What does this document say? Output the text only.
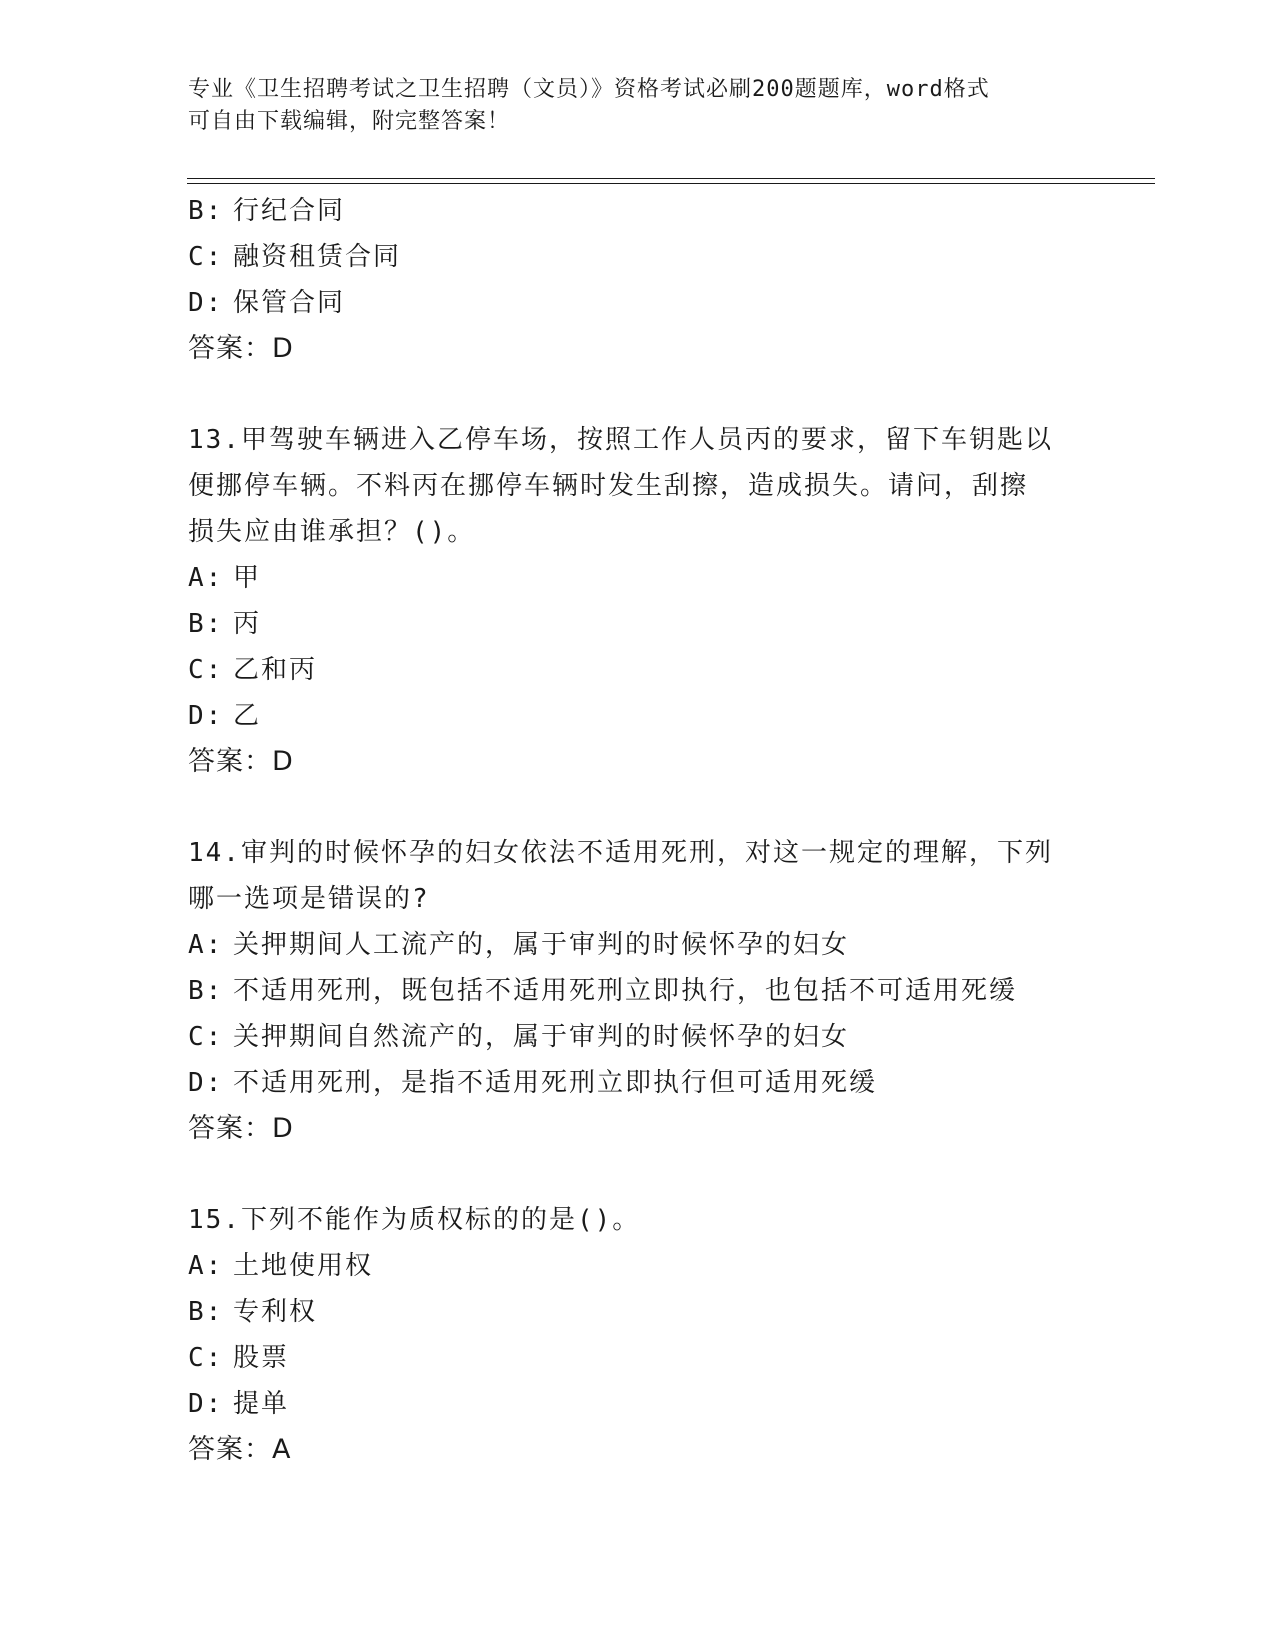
专业《卫生招聘考试之卫生招聘（文员）》资格考试必刷200题题库，word格式
可自由下载编辑，附完整答案！
B: 行纪合同
C: 融资租赁合同
D: 保管合同
答案：D
13.甲驾驶车辆进入乙停车场，按照工作人员丙的要求，留下车钥匙以
便挪停车辆。不料丙在挪停车辆时发生刮擦，造成损失。请问，刮擦
损失应由谁承担？()。
A: 甲
B: 丙
C: 乙和丙
D: 乙
答案：D
14.审判的时候怀孕的妇女依法不适用死刑，对这一规定的理解，下列
哪一选项是错误的?
A: 关押期间人工流产的，属于审判的时候怀孕的妇女
B: 不适用死刑，既包括不适用死刑立即执行，也包括不可适用死缓
C: 关押期间自然流产的，属于审判的时候怀孕的妇女
D: 不适用死刑，是指不适用死刑立即执行但可适用死缓
答案：D
15.下列不能作为质权标的的是()。
A: 土地使用权
B: 专利权
C: 股票
D: 提单
答案：A
